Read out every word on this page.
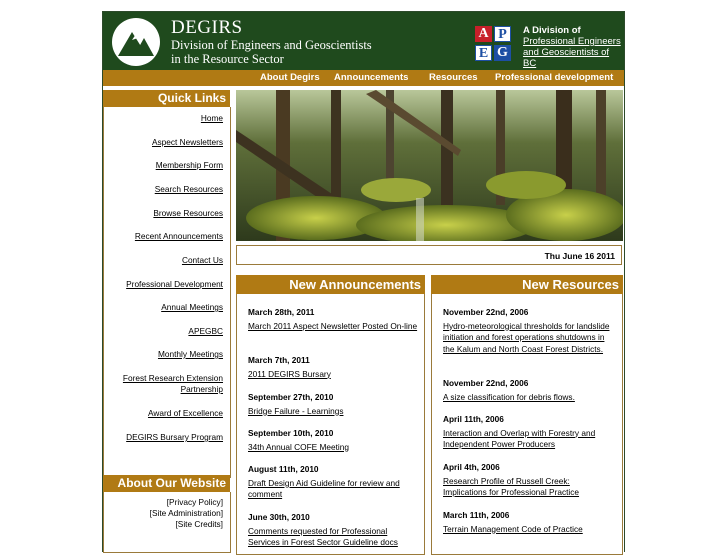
DEGIRS
Division of Engineers and Geoscientists
in the Resource Sector
A P
E G
A Division of
Professional Engineers
and Geoscientists of BC
About Degirs Announcements Resources Professional development
Quick Links
Home
Aspect Newsletters
Membership Form
Search Resources
Browse Resources
Recent Announcements
Contact Us
Professional Development
Annual Meetings
APEGBC
Monthly Meetings
Forest Research Extension Partnership
Award of Excellence
DEGIRS Bursary Program
About Our Website
[Privacy Policy]
[Site Administration]
[Site Credits]
Thu June 16 2011
New Announcements
March 28th, 2011
March 2011 Aspect Newsletter Posted On-line
March 7th, 2011
2011 DEGIRS Bursary
September 27th, 2010
Bridge Failure - Learnings
September 10th, 2010
34th Annual COFE Meeting
August 11th, 2010
Draft Design Aid Guideline for review and comment
June 30th, 2010
Comments requested for Professional Services in Forest Sector Guideline docs
New Resources
November 22nd, 2006
Hydro-meteorological thresholds for landslide initiation and forest operations shutdowns in the Kalum and North Coast Forest Districts.
November 22nd, 2006
A size classification for debris flows.
April 11th, 2006
Interaction and Overlap with Forestry and Independent Power Producers
April 4th, 2006
Research Profile of Russell Creek: Implications for Professional Practice
March 11th, 2006
Terrain Management Code of Practice
